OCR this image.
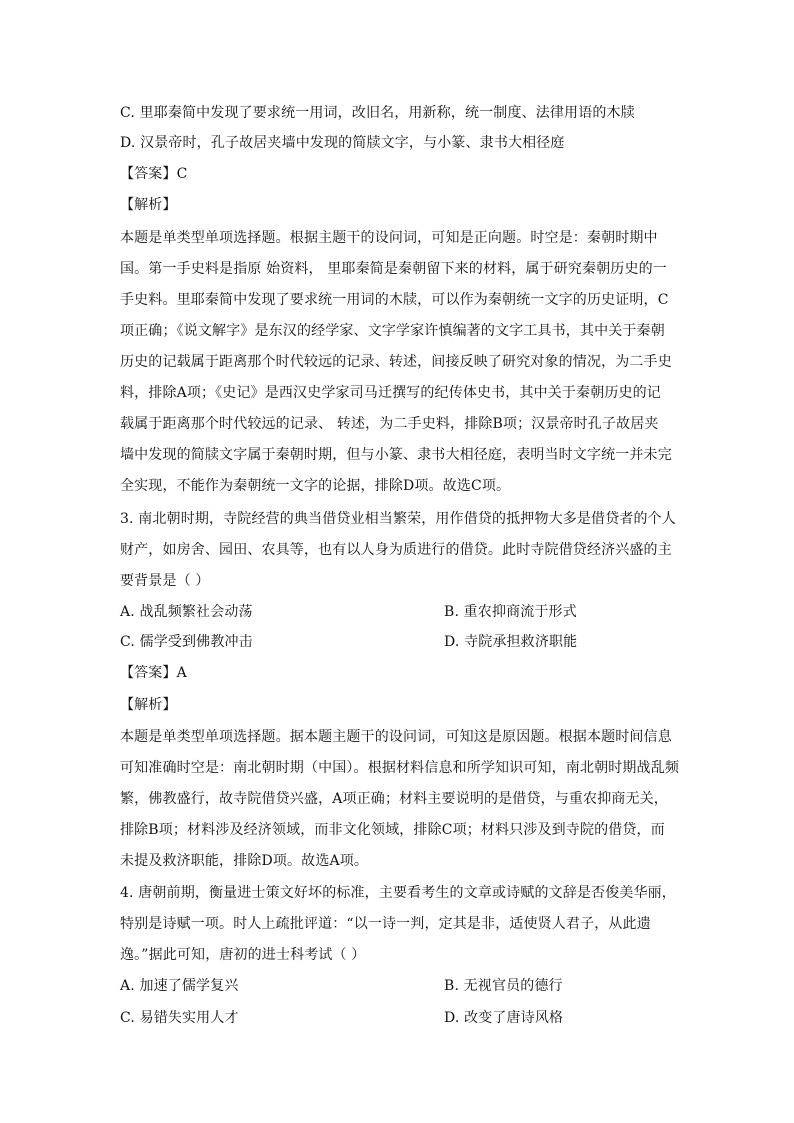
C. 里耶秦简中发现了要求统一用词，改旧名，用新称，统一制度、法律用语的木牍
D. 汉景帝时，孔子故居夹墙中发现的简牍文字，与小篆、隶书大相径庭
【答案】C
【解析】
本题是单类型单项选择题。根据主题干的设问词，可知是正向题。时空是：秦朝时期中
国。第一手史料是指原 始资料， 里耶秦简是秦朝留下来的材料，属于研究秦朝历史的一
手史料。里耶秦简中发现了要求统一用词的木牍，可以作为秦朝统一文字的历史证明，C
项正确；《说文解字》是东汉的经学家、文字学家许慎编著的文字工具书，其中关于秦朝
历史的记载属于距离那个时代较远的记录、转述，间接反映了研究对象的情况，为二手史
料，排除A项；《史记》是西汉史学家司马迁撰写的纪传体史书，其中关于秦朝历史的记
载属于距离那个时代较远的记录、 转述，为二手史料，排除B项；汉景帝时孔子故居夹
墙中发现的简牍文字属于秦朝时期，但与小篆、隶书大相径庭，表明当时文字统一并未完
全实现，不能作为秦朝统一文字的论据，排除D项。故选C项。
3. 南北朝时期，寺院经营的典当借贷业相当繁荣，用作借贷的抵押物大多是借贷者的个人
财产，如房舍、园田、农具等，也有以人身为质进行的借贷。此时寺院借贷经济兴盛的主
要背景是（ ）
A. 战乱频繁社会动荡	B. 重农抑商流于形式
C. 儒学受到佛教冲击	D. 寺院承担救济职能
【答案】A
【解析】
本题是单类型单项选择题。据本题主题干的设问词，可知这是原因题。根据本题时间信息
可知准确时空是：南北朝时期（中国）。根据材料信息和所学知识可知，南北朝时期战乱频
繁，佛教盛行，故寺院借贷兴盛，A项正确；材料主要说明的是借贷，与重农抑商无关，
排除B项；材料涉及经济领域，而非文化领域，排除C项；材料只涉及到寺院的借贷，而
未提及救济职能，排除D项。故选A项。
4. 唐朝前期，衡量进士策文好坏的标准，主要看考生的文章或诗赋的文辞是否俊美华丽，
特别是诗赋一项。时人上疏批评道：“以一诗一判，定其是非，适使贤人君子，从此遗
逸。”据此可知，唐初的进士科考试（ ）
A. 加速了儒学复兴	B. 无视官员的德行
C. 易错失实用人才	D. 改变了唐诗风格
